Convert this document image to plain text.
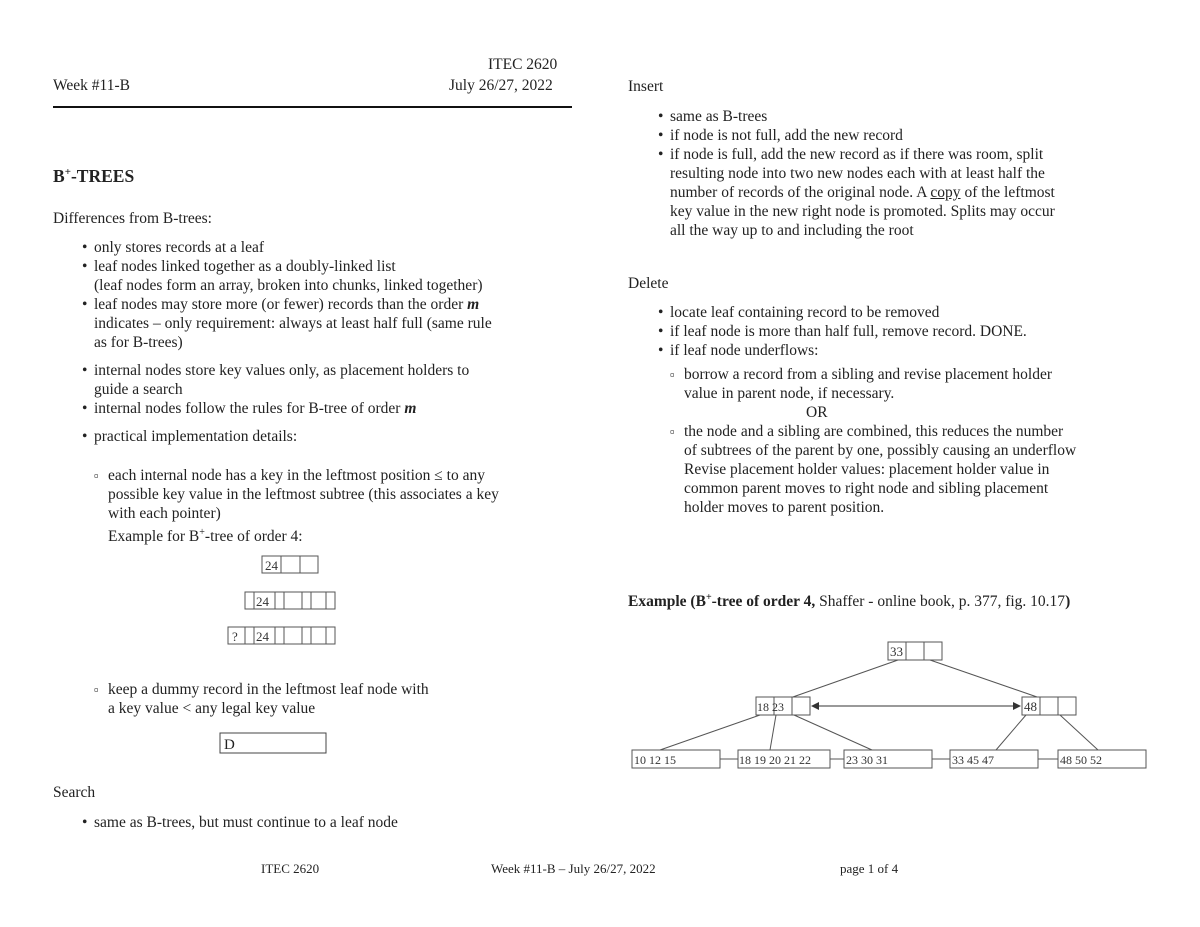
ITEC 2620
Week #11-B	July 26/27, 2022
B+-TREES
Differences from B-trees:
• only stores records at a leaf
• leaf nodes linked together as a doubly-linked list
(leaf nodes form an array, broken into chunks, linked together)
• leaf nodes may store more (or fewer) records than the order m
indicates – only requirement: always at least half full (same rule
as for B-trees)
• internal nodes store key values only, as placement holders to
guide a search
• internal nodes follow the rules for B-tree of order m
• practical implementation details:
▫ each internal node has a key in the leftmost position ≤ to any
possible key value in the leftmost subtree (this associates a key
with each pointer)
Example for B+-tree of order 4:
24
24
? 24
D
▫ keep a dummy record in the leftmost leaf node with
a key value < any legal key value
Search
• same as B-trees, but must continue to a leaf node
Insert
• same as B-trees
• if node is not full, add the new record
• if node is full, add the new record as if there was room, split
resulting node into two new nodes each with at least half the
number of records of the original node. A copy of the leftmost
key value in the new right node is promoted. Splits may occur
all the way up to and including the root
Delete
• locate leaf containing record to be removed
• if leaf node is more than half full, remove record. DONE.
• if leaf node underflows:
▫ borrow a record from a sibling and revise placement holder
value in parent node, if necessary.
OR
▫ the node and a sibling are combined, this reduces the number
of subtrees of the parent by one, possibly causing an underflow
Revise placement holder values: placement holder value in
common parent moves to right node and sibling placement
holder moves to parent position.
Example (B+-tree of order 4, Shaffer - online book, p. 377, fig. 10.17)
33
18 23	48
10 12 15	18 19 20 21 22	23 30 31	33 45 47	48 50 52
ITEC 2620	Week #11-B – July 26/27, 2022	page 1 of 4
